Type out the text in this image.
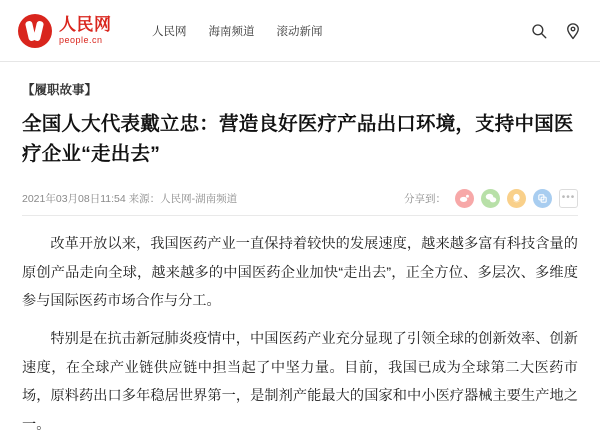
人民网
people.cn
人民网 海南频道 滚动新闻
【履职故事】
全国人大代表戴立忠：营造良好医疗产品出口环境，支持中国医疗企业“走出去”
2021年03月08日11:54 来源：人民网-湖南频道	分享到：	•••

改革开放以来，我国医药产业一直保持着较快的发展速度，越来越多富有科技含量的原创产品走向全球，越来越多的中国医药企业加快“走出去”，正全方位、多层次、多维度参与国际医药市场合作与分工。

特别是在抗击新冠肺炎疫情中，中国医药产业充分显现了引领全球的创新效率、创新速度，在全球产业链供应链中担当起了中坚力量。目前，我国已成为全球第二大医药市场，原料药出口多年稳居世界第一，是制剂产能最大的国家和中小医疗器械主要生产地之一。
